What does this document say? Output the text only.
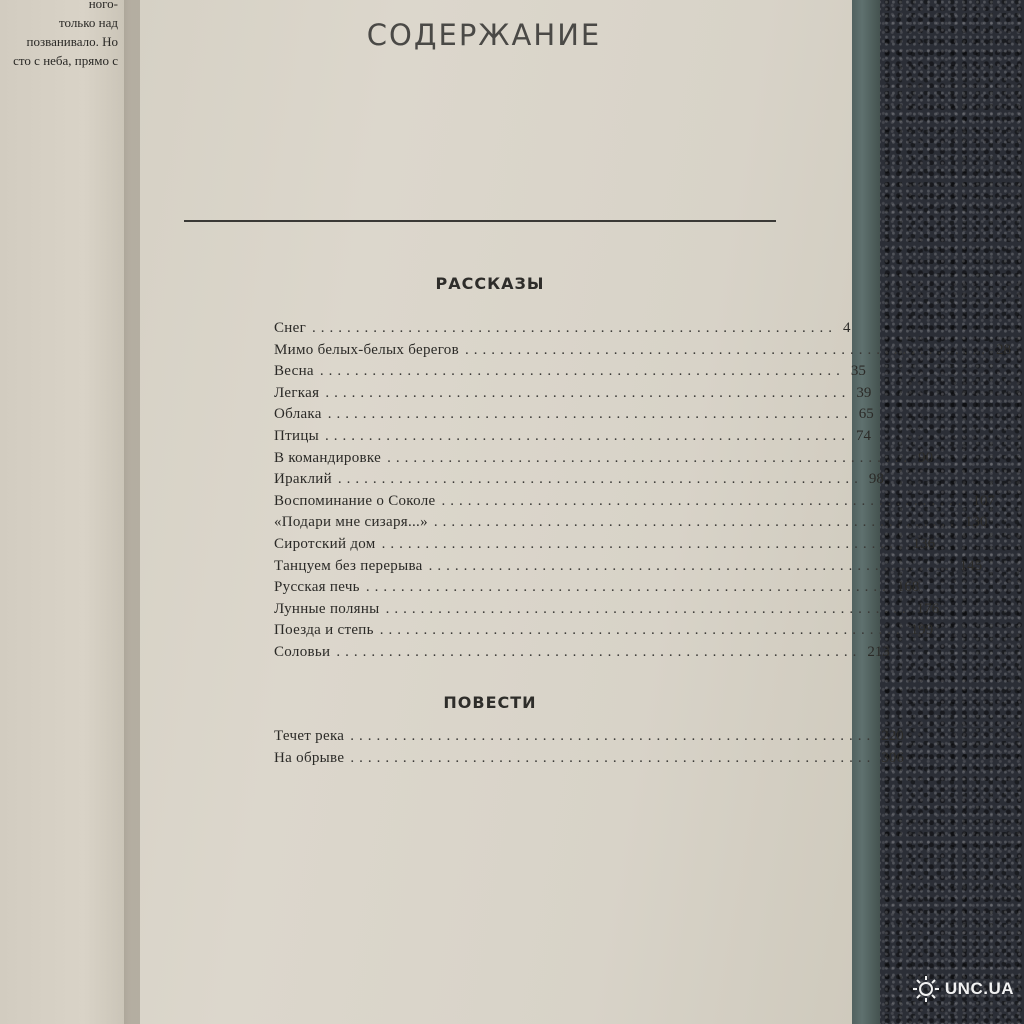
ного-
только над
позванивало. Но
сто с неба, прямо с
СОДЕРЖАНИЕ
РАССКАЗЫ
Снег ............................................................ 4
Мимо белых-белых берегов ............................................................ 28
Весна ............................................................ 35
Легкая ............................................................ 39
Облака ............................................................ 65
Птицы ............................................................ 74
В командировке ............................................................ 90
Ираклий ............................................................ 98
Воспоминание о Соколе ............................................................ 107
«Подари мне сизаря...» ............................................................ 130
Сиротский дом ............................................................ 136
Танцуем без перерыва ............................................................ 145
Русская печь ............................................................ 168
Лунные поляны ............................................................ 176
Поезда и степь ............................................................ 199
Соловьи ............................................................ 213
ПОВЕСТИ
Течет река ............................................................ 220
На обрыве ............................................................ 306
UNC.UA
